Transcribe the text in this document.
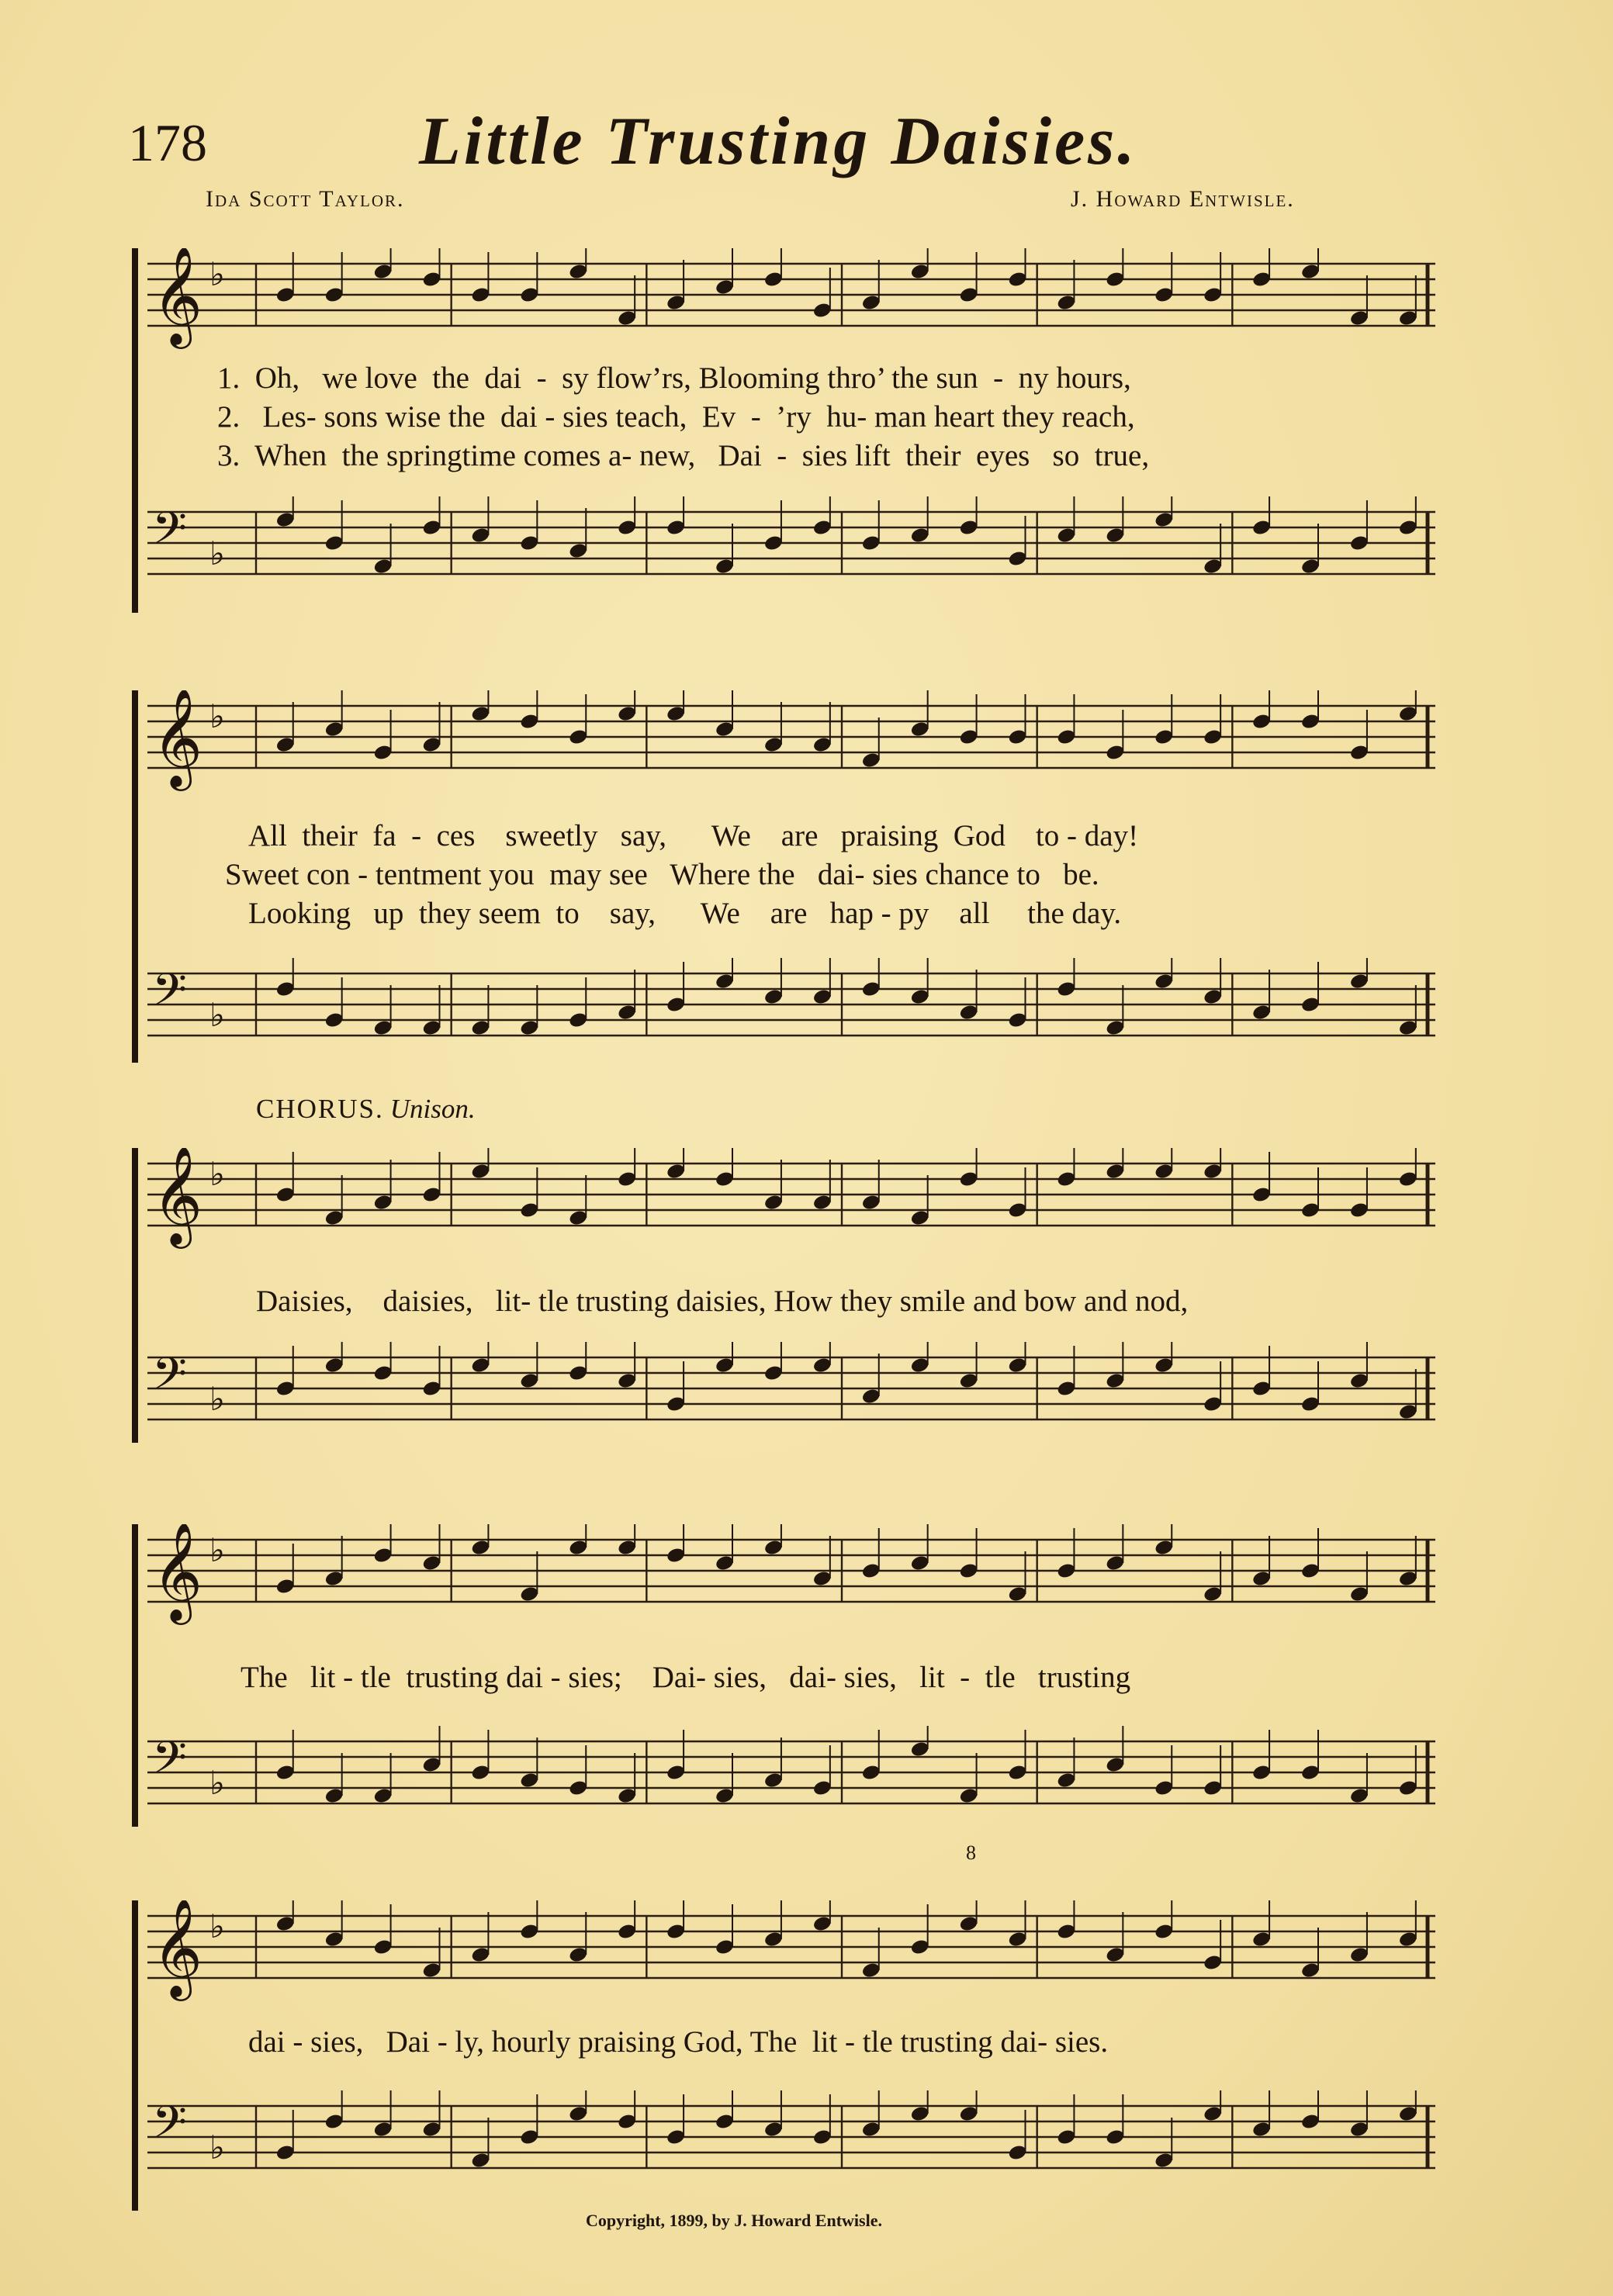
178	Little Trusting Daisies.
Ida Scott Taylor.	J. Howard Entwisle.
𝄞 ♭
1.  Oh,   we love  the  dai  -  sy flow’rs, Blooming thro’ the sun  -  ny hours,
2.   Les- sons wise the  dai - sies teach,  Ev  -  ’ry  hu- man heart they reach,
3.  When  the springtime comes a- new,   Dai  -  sies lift  their  eyes   so  true,
𝄢 ♭
𝄞 ♭
All  their  fa  -  ces    sweetly   say,      We    are   praising  God    to - day!
Sweet con - tentment you  may see   Where the   dai- sies chance to   be.
Looking   up  they seem  to    say,      We    are   hap - py    all     the day.
𝄢 ♭
CHORUS. Unison.
𝄞 ♭
Daisies,    daisies,   lit- tle trusting daisies, How they smile and bow and nod,
𝄢 ♭
𝄞 ♭
The   lit - tle  trusting dai - sies;    Dai- sies,   dai- sies,   lit  -  tle   trusting
𝄢 ♭
8
𝄞 ♭
dai - sies,   Dai - ly, hourly praising God, The  lit - tle trusting dai- sies.
𝄢 ♭
Copyright, 1899, by J. Howard Entwisle.
